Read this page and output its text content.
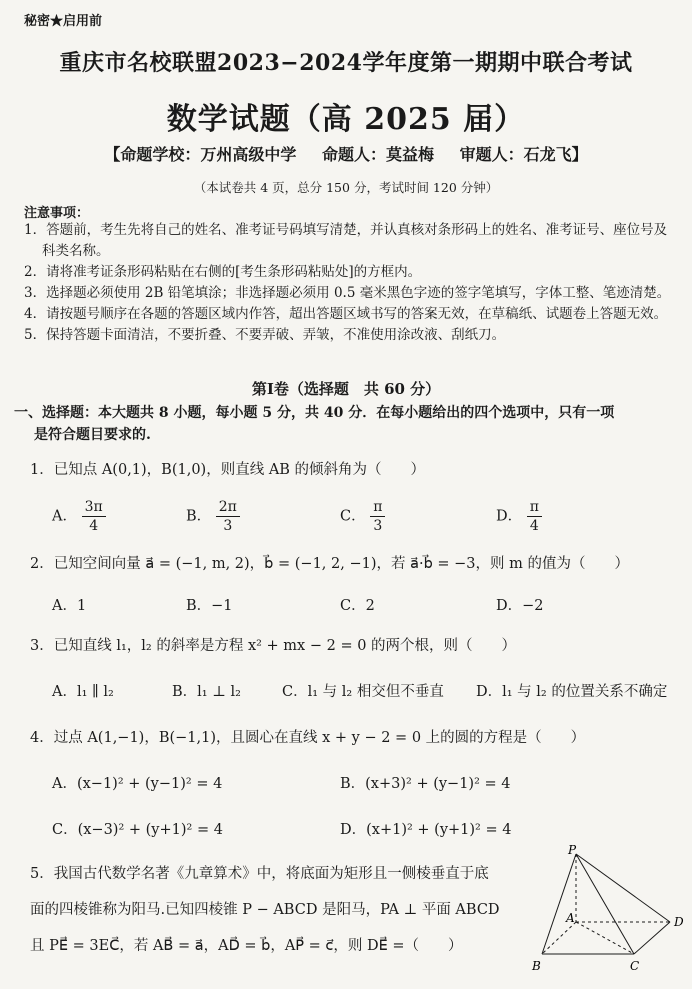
秘密★启用前
重庆市名校联盟2023−2024学年度第一期期中联合考试
数学试题（高 2025 届）
【命题学校：万州高级中学 命题人：莫益梅 审题人：石龙飞】
（本试卷共 4 页，总分 150 分，考试时间 120 分钟）
注意事项：
1．答题前，考生先将自己的姓名、准考证号码填写清楚，并认真核对条形码上的姓名、准考证号、座位号及科类名称。
2．请将准考证条形码粘贴在右侧的[考生条形码粘贴处]的方框内。
3．选择题必须使用 2B 铅笔填涂；非选择题必须用 0.5 毫米黑色字迹的签字笔填写，字体工整、笔迹清楚。
4．请按题号顺序在各题的答题区域内作答，超出答题区域书写的答案无效，在草稿纸、试题卷上答题无效。
5．保持答题卡面清洁，不要折叠、不要弄破、弄皱，不准使用涂改液、刮纸刀。
第Ⅰ卷（选择题　共 60 分）
一、选择题：本大题共 8 小题，每小题 5 分，共 40 分．在每小题给出的四个选项中，只有一项
是符合题目要求的.
1．已知点 A(0,1)，B(1,0)，则直线 AB 的倾斜角为（　　）
A． $\frac{3\pi}{4}$	B． $\frac{2\pi}{3}$	C． $\frac{\pi}{3}$	D． $\frac{\pi}{4}$
2．已知空间向量 a⃗ = (−1, m, 2)，b⃗ = (−1, 2, −1)，若 a⃗·b⃗ = −3，则 m 的值为（　　）
A．1	B．−1	C．2	D．−2
3．已知直线 l₁，l₂ 的斜率是方程 x² + mx − 2 = 0 的两个根，则（　　）
A．l₁ ∥ l₂	B．l₁ ⊥ l₂	C．l₁ 与 l₂ 相交但不垂直 D．l₁ 与 l₂ 的位置关系不确定
4．过点 A(1,−1)，B(−1,1)，且圆心在直线 x + y − 2 = 0 上的圆的方程是（　　）
A．(x−1)² + (y−1)² = 4	B．(x+3)² + (y−1)² = 4
C．(x−3)² + (y+1)² = 4	D．(x+1)² + (y+1)² = 4
5．我国古代数学名著《九章算术》中，将底面为矩形且一侧棱垂直于底
面的四棱锥称为阳马.已知四棱锥 P − ABCD 是阳马，PA ⊥ 平面 ABCD
且 PE⃗ = 3EC⃗，若 AB⃗ = a⃗，AD⃗ = b⃗，AP⃗ = c⃗，则 DE⃗ =（　　）
P
A
B	C
D
